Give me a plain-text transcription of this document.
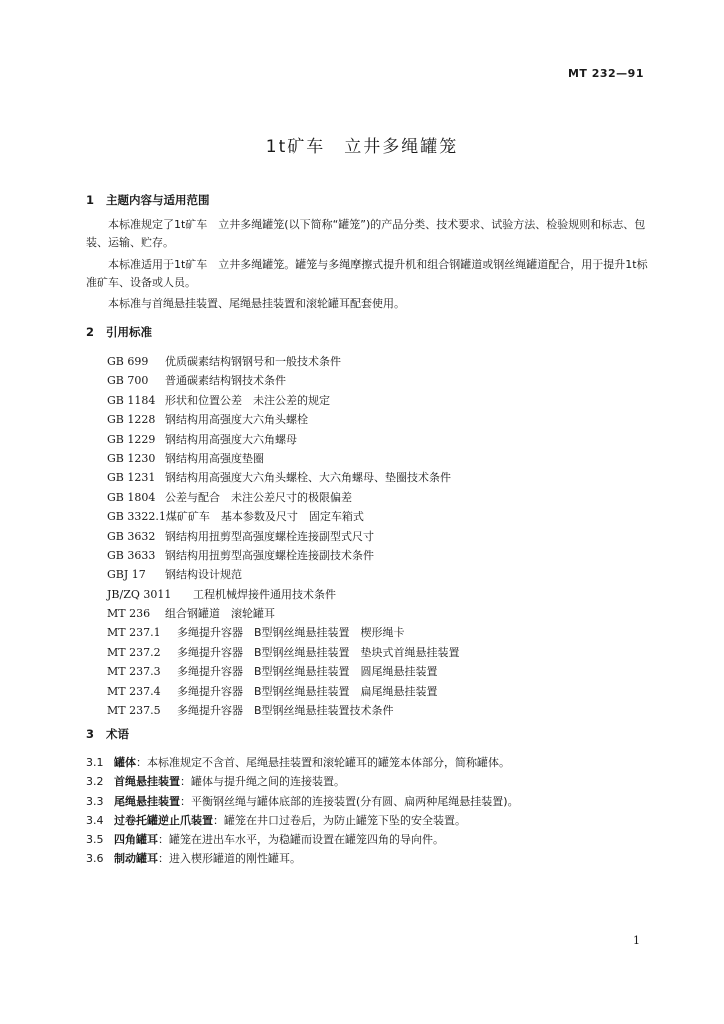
MT 232—91
1t矿车　立井多绳罐笼
1 主题内容与适用范围
本标准规定了1t矿车　立井多绳罐笼(以下简称“罐笼”)的产品分类、技术要求、试验方法、检验规则和标志、包装、运输、贮存。
本标准适用于1t矿车　立井多绳罐笼。罐笼与多绳摩擦式提升机和组合钢罐道或钢丝绳罐道配合，用于提升1t标准矿车、设备或人员。
本标准与首绳悬挂装置、尾绳悬挂装置和滚轮罐耳配套使用。
2 引用标准
GB 699 优质碳素结构钢钢号和一般技术条件
GB 700 普通碳素结构钢技术条件
GB 1184 形状和位置公差　未注公差的规定
GB 1228 钢结构用高强度大六角头螺栓
GB 1229 钢结构用高强度大六角螺母
GB 1230 钢结构用高强度垫圈
GB 1231 钢结构用高强度大六角头螺栓、大六角螺母、垫圈技术条件
GB 1804 公差与配合　未注公差尺寸的极限偏差
GB 3322.1煤矿矿车　基本参数及尺寸　固定车箱式
GB 3632 钢结构用扭剪型高强度螺栓连接副型式尺寸
GB 3633 钢结构用扭剪型高强度螺栓连接副技术条件
GBJ 17 钢结构设计规范
JB/ZQ 3011 工程机械焊接件通用技术条件
MT 236 组合钢罐道　滚轮罐耳
MT 237.1 多绳提升容器　B型钢丝绳悬挂装置　楔形绳卡
MT 237.2 多绳提升容器　B型钢丝绳悬挂装置　垫块式首绳悬挂装置
MT 237.3 多绳提升容器　B型钢丝绳悬挂装置　圆尾绳悬挂装置
MT 237.4 多绳提升容器　B型钢丝绳悬挂装置　扁尾绳悬挂装置
MT 237.5 多绳提升容器　B型钢丝绳悬挂装置技术条件
3 术语
3.1 罐体：本标准规定不含首、尾绳悬挂装置和滚轮罐耳的罐笼本体部分，简称罐体。
3.2 首绳悬挂装置：罐体与提升绳之间的连接装置。
3.3 尾绳悬挂装置：平衡钢丝绳与罐体底部的连接装置(分有圆、扁两种尾绳悬挂装置)。
3.4 过卷托罐逆止爪装置：罐笼在井口过卷后，为防止罐笼下坠的安全装置。
3.5 四角罐耳：罐笼在进出车水平，为稳罐而设置在罐笼四角的导向件。
3.6 制动罐耳：进入楔形罐道的刚性罐耳。
1
